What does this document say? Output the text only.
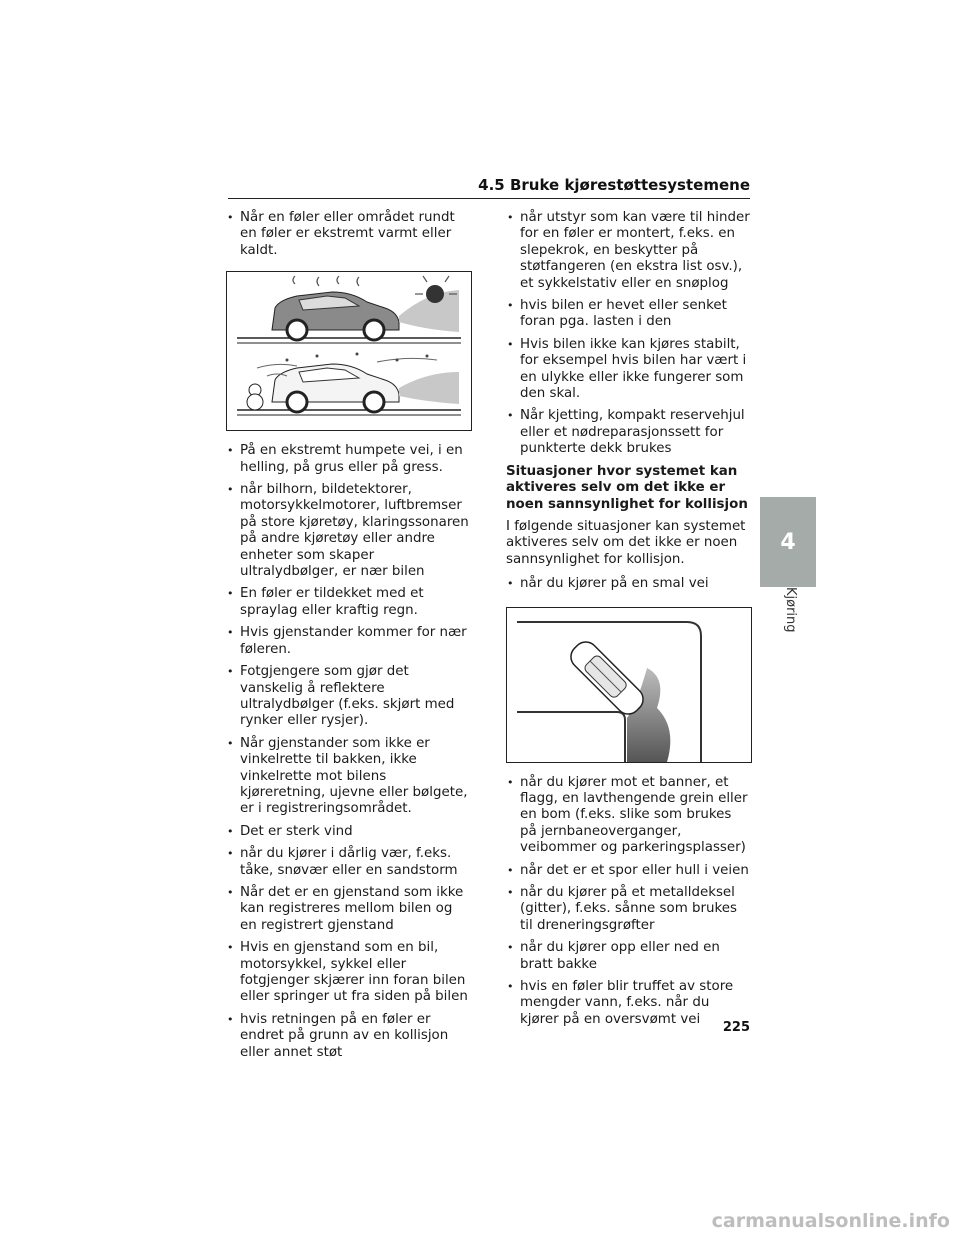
4.5 Bruke kjørestøttesystemene
• Når en føler eller området rundt en føler er ekstremt varmt eller kaldt.
• På en ekstremt humpete vei, i en helling, på grus eller på gress.
• når bilhorn, bildetektorer, motorsykkelmotorer, luftbremser på store kjøretøy, klaringssonaren på andre kjøretøy eller andre enheter som skaper ultralydbølger, er nær bilen
• En føler er tildekket med et spraylag eller kraftig regn.
• Hvis gjenstander kommer for nær føleren.
• Fotgjengere som gjør det vanskelig å reflektere ultralydbølger (f.eks. skjørt med rynker eller rysjer).
• Når gjenstander som ikke er vinkelrette til bakken, ikke vinkelrette mot bilens kjøreretning, ujevne eller bølgete, er i registreringsområdet.
• Det er sterk vind
• når du kjører i dårlig vær, f.eks. tåke, snøvær eller en sandstorm
• Når det er en gjenstand som ikke kan registreres mellom bilen og en registrert gjenstand
• Hvis en gjenstand som en bil, motorsykkel, sykkel eller fotgjenger skjærer inn foran bilen eller springer ut fra siden på bilen
• hvis retningen på en føler er endret på grunn av en kollisjon eller annet støt
• når utstyr som kan være til hinder for en føler er montert, f.eks. en slepekrok, en beskytter på støtfangeren (en ekstra list osv.), et sykkelstativ eller en snøplog
• hvis bilen er hevet eller senket foran pga. lasten i den
• Hvis bilen ikke kan kjøres stabilt, for eksempel hvis bilen har vært i en ulykke eller ikke fungerer som den skal.
• Når kjetting, kompakt reservehjul eller et nødreparasjonssett for punkterte dekk brukes
Situasjoner hvor systemet kan aktiveres selv om det ikke er noen sannsynlighet for kollisjon
I følgende situasjoner kan systemet aktiveres selv om det ikke er noen sannsynlighet for kollisjon.
• når du kjører på en smal vei
• når du kjører mot et banner, et flagg, en lavthengende grein eller en bom (f.eks. slike som brukes på jernbaneoverganger, veibommer og parkeringsplasser)
• når det er et spor eller hull i veien
• når du kjører på et metalldeksel (gitter), f.eks. sånne som brukes til dreneringsgrøfter
• når du kjører opp eller ned en bratt bakke
• hvis en føler blir truffet av store mengder vann, f.eks. når du kjører på en oversvømt vei
4
Kjøring
225
carmanualsonline.info
